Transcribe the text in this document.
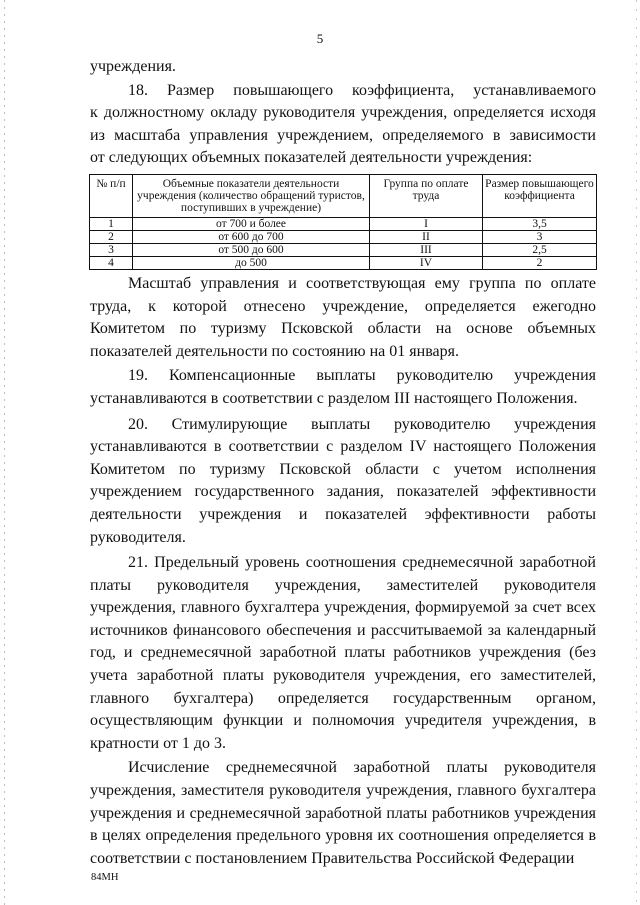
5

учреждения.

18. Размер повышающего коэффициента, устанавливаемого
к должностному окладу руководителя учреждения, определяется исходя
из масштаба управления учреждением, определяемого в зависимости
от следующих объемных показателей деятельности учреждения:
№ п/п	Объемные показатели деятельности учреждения (количество обращений туристов, поступивших в учреждение)	Группа по оплате труда	Размер повышающего коэффициента
1	от 700 и более	I	3,5
2	от 600 до 700	II	3
3	от 500 до 600	III	2,5
4	до 500	IV	2

Масштаб управления и соответствующая ему группа по оплате труда, к которой отнесено учреждение, определяется ежегодно Комитетом по туризму Псковской области на основе объемных показателей деятельности по состоянию на 01 января.

19. Компенсационные выплаты руководителю учреждения устанавливаются в соответствии с разделом III настоящего Положения.

20. Стимулирующие выплаты руководителю учреждения устанавливаются в соответствии с разделом IV настоящего Положения Комитетом по туризму Псковской области с учетом исполнения учреждением государственного задания, показателей эффективности деятельности учреждения и показателей эффективности работы руководителя.

21. Предельный уровень соотношения среднемесячной заработной платы руководителя учреждения, заместителей руководителя учреждения, главного бухгалтера учреждения, формируемой за счет всех источников финансового обеспечения и рассчитываемой за календарный год, и среднемесячной заработной платы работников учреждения (без учета заработной платы руководителя учреждения, его заместителей, главного бухгалтера) определяется государственным органом, осуществляющим функции и полномочия учредителя учреждения, в кратности от 1 до 3.

Исчисление среднемесячной заработной платы руководителя учреждения, заместителя руководителя учреждения, главного бухгалтера учреждения и среднемесячной заработной платы работников учреждения в целях определения предельного уровня их соотношения определяется в соответствии с постановлением Правительства Российской Федерации

84МН
